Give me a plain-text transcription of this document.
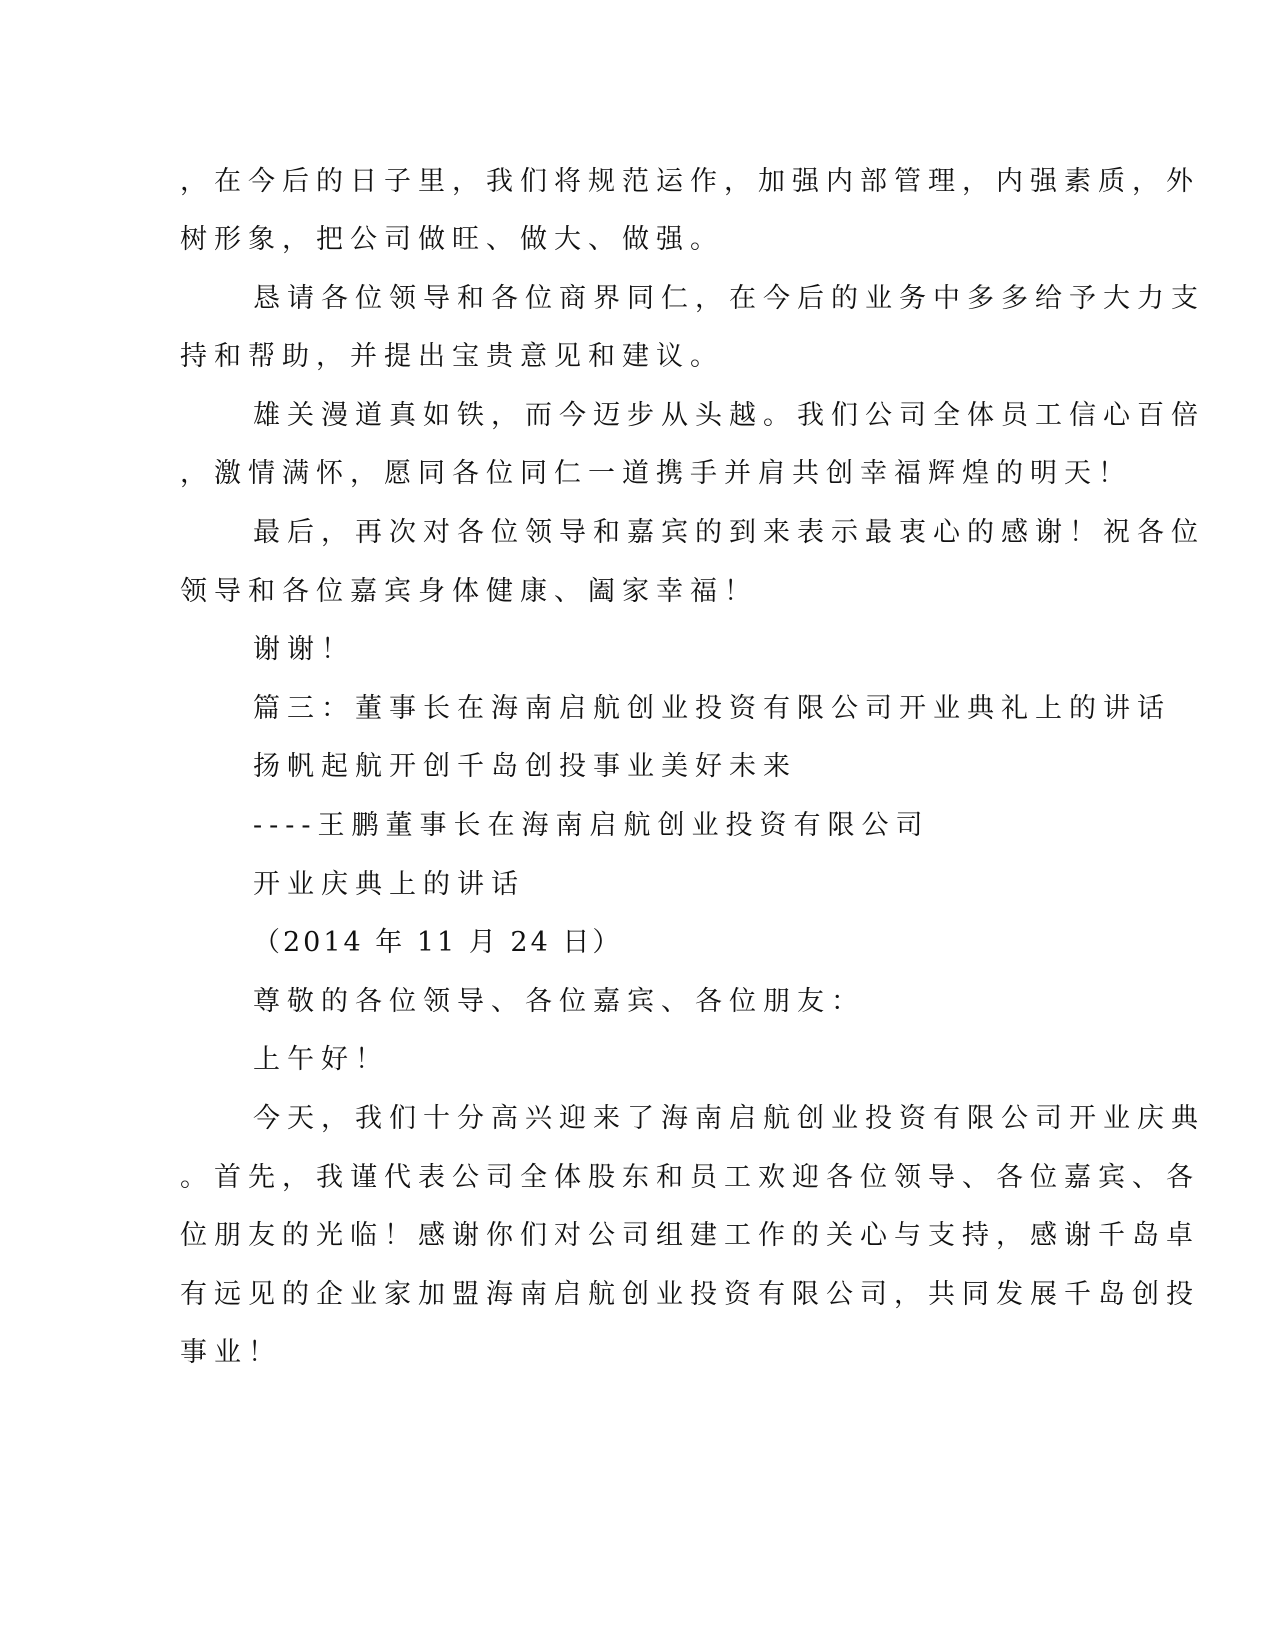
，在今后的日子里，我们将规范运作，加强内部管理，内强素质，外
树形象，把公司做旺、做大、做强。
恳请各位领导和各位商界同仁，在今后的业务中多多给予大力支
持和帮助，并提出宝贵意见和建议。
雄关漫道真如铁，而今迈步从头越。我们公司全体员工信心百倍
，激情满怀，愿同各位同仁一道携手并肩共创幸福辉煌的明天！
最后，再次对各位领导和嘉宾的到来表示最衷心的感谢！祝各位
领导和各位嘉宾身体健康、阖家幸福！
谢谢！
篇三：董事长在海南启航创业投资有限公司开业典礼上的讲话
扬帆起航开创千岛创投事业美好未来
----王鹏董事长在海南启航创业投资有限公司
开业庆典上的讲话
（2014 年 11 月 24 日）
尊敬的各位领导、各位嘉宾、各位朋友：
上午好！
今天，我们十分高兴迎来了海南启航创业投资有限公司开业庆典
。首先，我谨代表公司全体股东和员工欢迎各位领导、各位嘉宾、各
位朋友的光临！感谢你们对公司组建工作的关心与支持，感谢千岛卓
有远见的企业家加盟海南启航创业投资有限公司，共同发展千岛创投
事业！
